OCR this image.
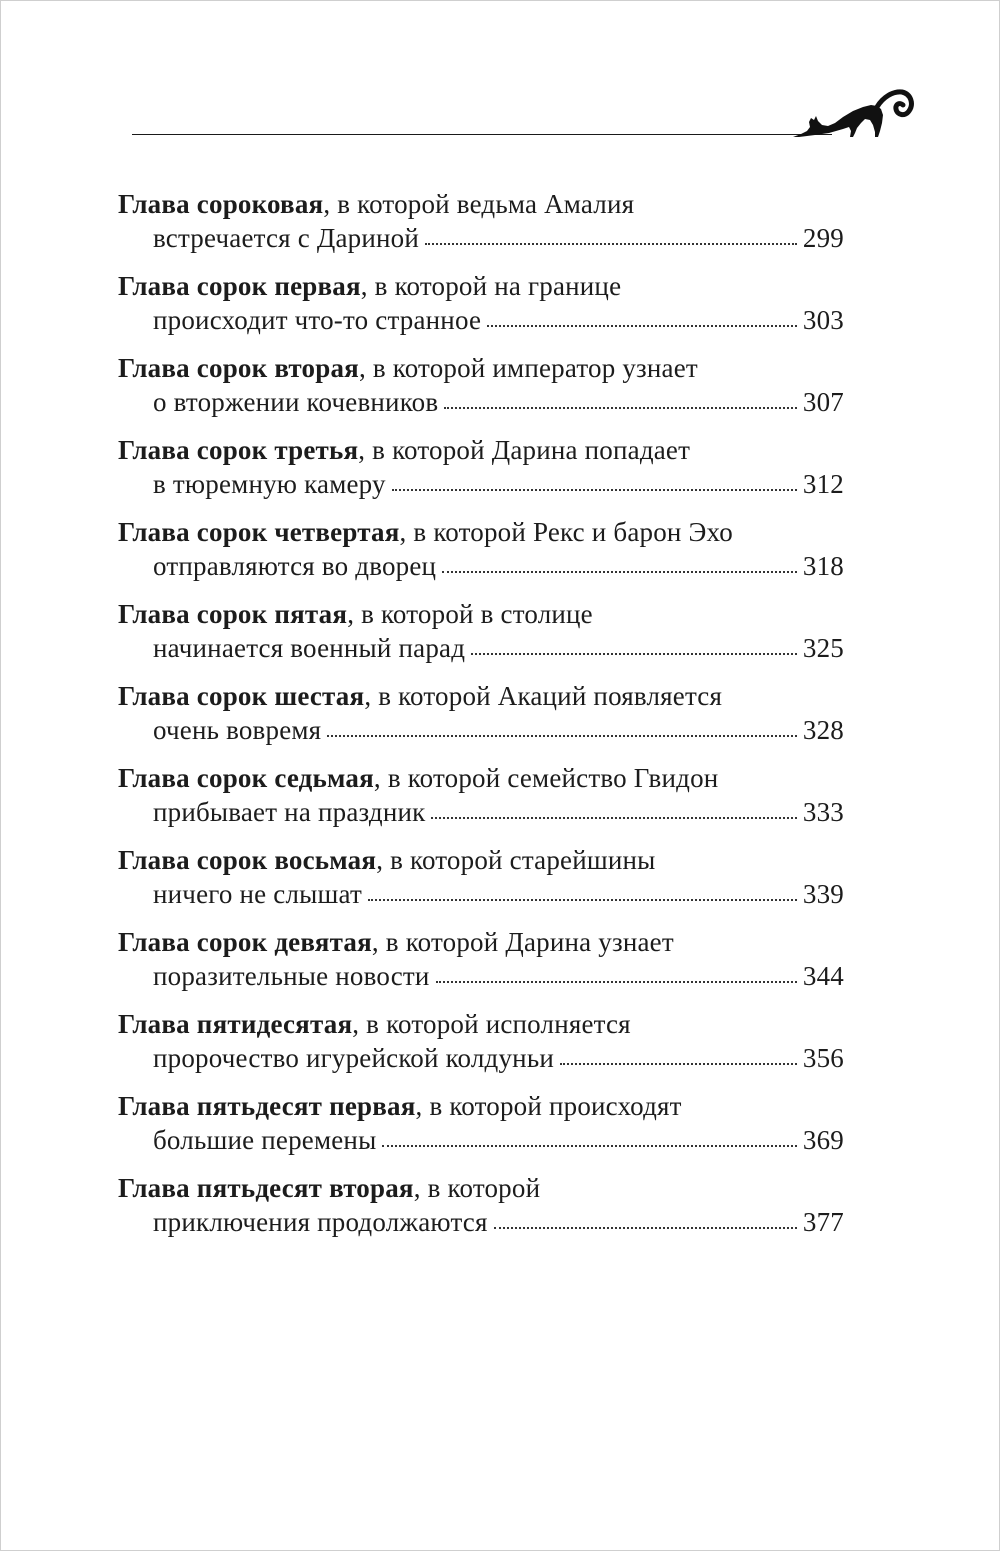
Глава сороковая, в которой ведьма Амалия
встречается с Дариной	299
Глава сорок первая, в которой на границе
происходит что-то странное	303
Глава сорок вторая, в которой император узнает
о вторжении кочевников	307
Глава сорок третья, в которой Дарина попадает
в тюремную камеру	312
Глава сорок четвертая, в которой Рекс и барон Эхо
отправляются во дворец	318
Глава сорок пятая, в которой в столице
начинается военный парад	325
Глава сорок шестая, в которой Акаций появляется
очень вовремя	328
Глава сорок седьмая, в которой семейство Гвидон
прибывает на праздник	333
Глава сорок восьмая, в которой старейшины
ничего не слышат	339
Глава сорок девятая, в которой Дарина узнает
поразительные новости	344
Глава пятидесятая, в которой исполняется
пророчество игурейской колдуньи	356
Глава пятьдесят первая, в которой происходят
большие перемены	369
Глава пятьдесят вторая, в которой
приключения продолжаются	377
